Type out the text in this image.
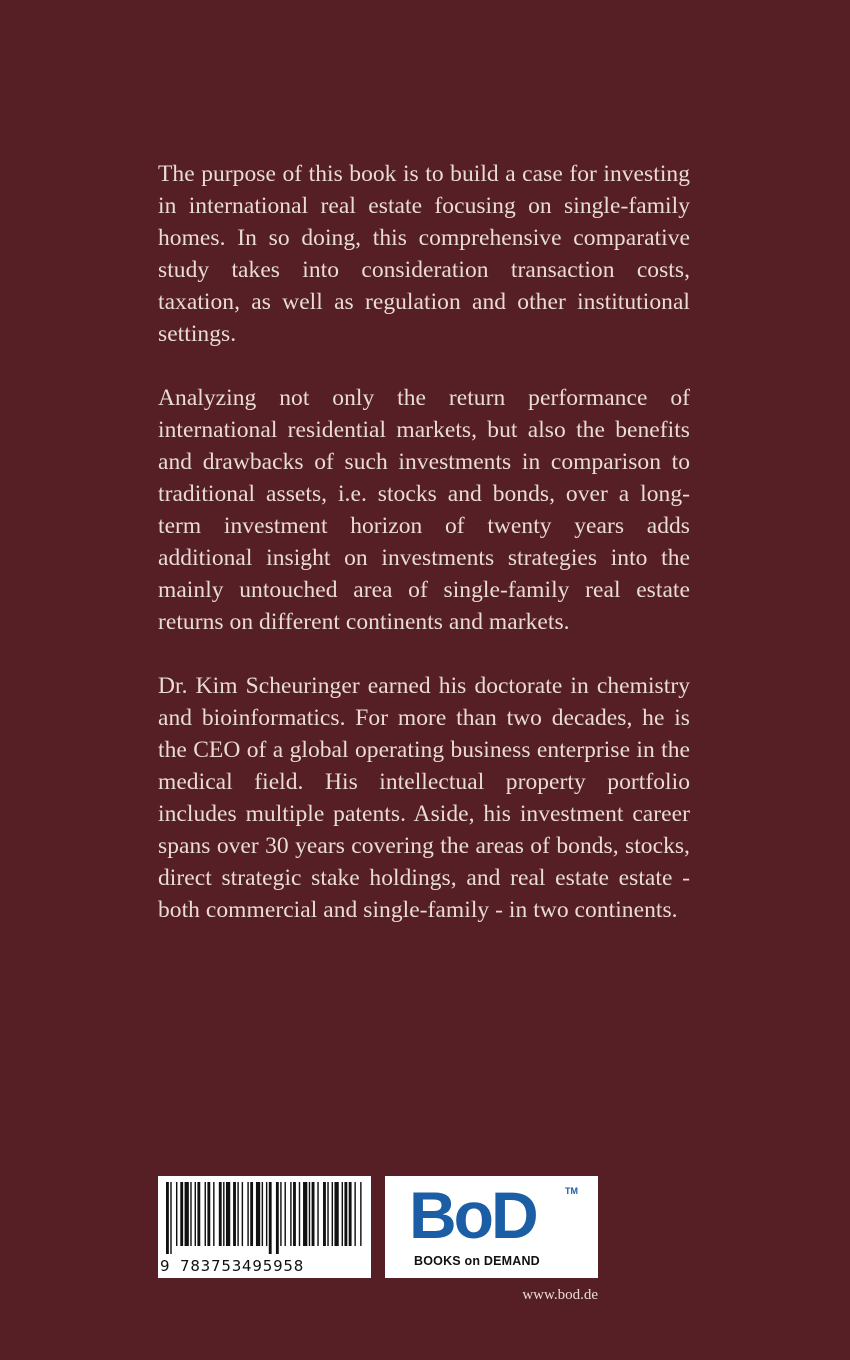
The purpose of this book is to build a case for investing in international real estate focusing on single-family homes. In so doing, this comprehensive comparative study takes into consideration transaction costs, taxation, as well as regulation and other institutional settings.

Analyzing not only the return performance of international residential markets, but also the benefits and drawbacks of such investments in comparison to traditional assets, i.e. stocks and bonds, over a long-term investment horizon of twenty years adds additional insight on investments strategies into the mainly untouched area of single-family real estate returns on different continents and markets.

Dr. Kim Scheuringer earned his doctorate in chemistry and bioinformatics. For more than two decades, he is the CEO of a global operating business enterprise in the medical field. His intellectual property portfolio includes multiple patents. Aside, his investment career spans over 30 years covering the areas of bonds, stocks, direct strategic stake holdings, and real estate estate - both commercial and single-family - in two continents.

9 783753495958
BoD	TM
BOOKS on DEMAND
www.bod.de
